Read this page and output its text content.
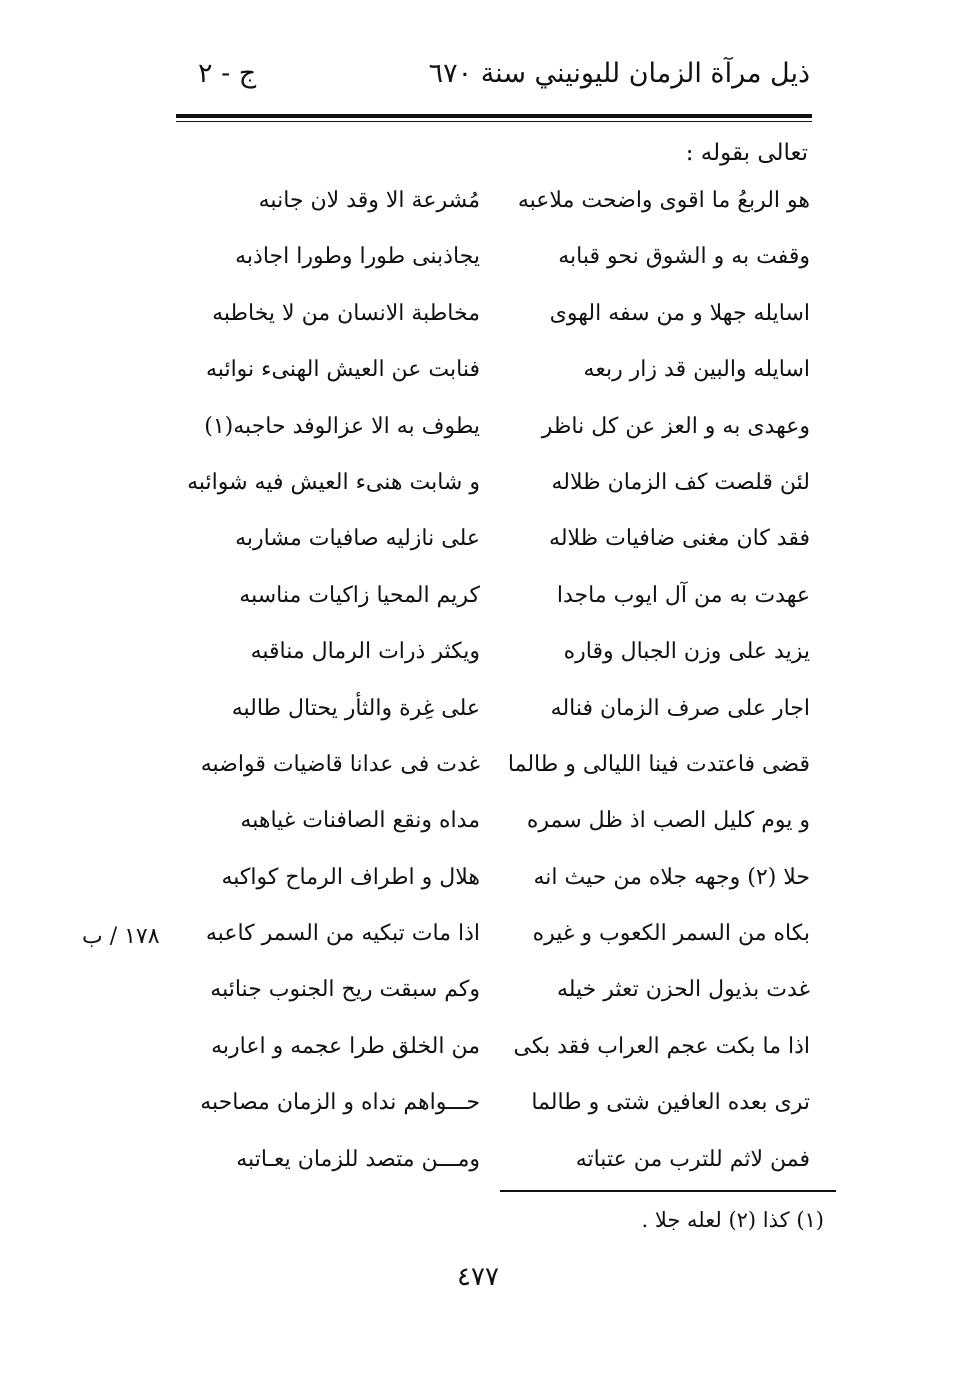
ذيل مرآة الزمان لليونيني سنة ٦٧٠
ج - ٢
تعالى بقوله :
هو الربعُ ما اقوى واضحت ملاعبه
مُشرعة الا وقد لان جانبه
وقفت به و الشوق نحو قبابه
يجاذبنى طورا وطورا اجاذبه
اسايله جهلا و من سفه الهوى
مخاطبة الانسان من لا يخاطبه
اسايله والبين قد زار ربعه
فنابت عن العيش الهنىء نوائبه
وعهدى به و العز عن كل ناظر
يطوف به الا عزالوفد حاجبه(١)
لئن قلصت كف الزمان ظلاله
و شابت هنىء العيش فيه شوائبه
فقد كان مغنى ضافيات ظلاله
على نازليه صافيات مشاربه
عهدت به من آل ايوب ماجدا
كريم المحيا زاكيات مناسبه
يزيد على وزن الجبال وقاره
ويكثر ذرات الرمال مناقبه
اجار على صرف الزمان فناله
على غِرة والثأر يحتال طالبه
قضى فاعتدت فينا الليالى و طالما
غدت فى عدانا قاضيات قواضبه
و يوم كليل الصب اذ ظل سمره
مداه ونقع الصافنات غياهبه
حلا (٢) وجهه جلاه من حيث انه
هلال و اطراف الرماح كواكبه
بكاه من السمر الكعوب و غيره
اذا مات تبكيه من السمر كاعبه
غدت بذيول الحزن تعثر خيله
وكم سبقت ريح الجنوب جنائبه
اذا ما بكت عجم العراب فقد بكى
من الخلق طرا عجمه و اعاربه
ترى بعده العافين شتى و طالما
حـــواهم نداه و الزمان مصاحبه
فمن لاثم للترب من عتباته
ومـــن متصد للزمان يعـاتبه
١٧٨ / ب
(١) كذا (٢) لعله جلا .
٤٧٧
